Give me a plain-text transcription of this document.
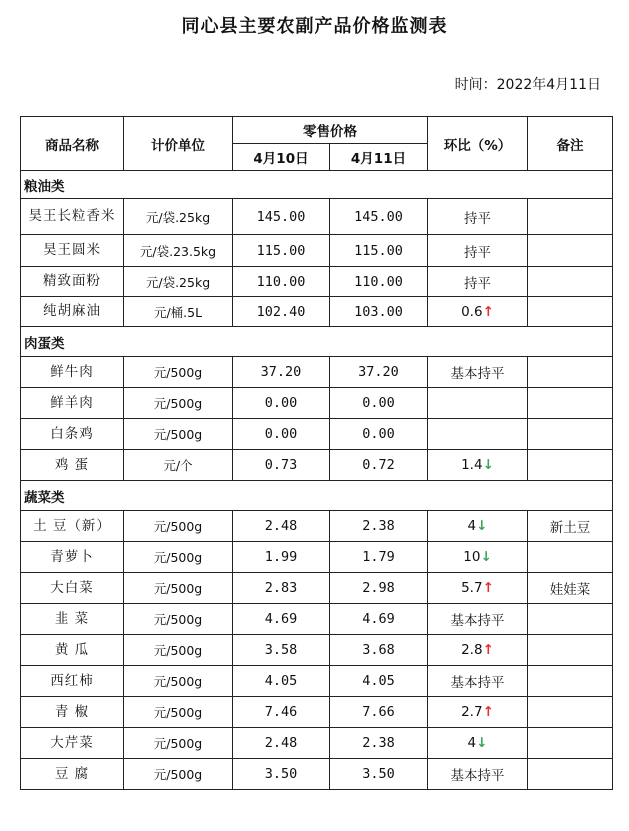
同心县主要农副产品价格监测表
时间：2022年4月11日
商品名称	计价单位	零售价格		环比（%）	备注
		4月10日	4月11日		
粮油类					
昊王长粒香米	元/袋.25kg	145.00	145.00	持平	
昊王圆米	元/袋.23.5kg	115.00	115.00	持平	
精致面粉	元/袋.25kg	110.00	110.00	持平	
纯胡麻油	元/桶.5L	102.40	103.00	0.6↑	
肉蛋类					
鲜牛肉	元/500g	37.20	37.20	基本持平	
鲜羊肉	元/500g	0.00	0.00		
白条鸡	元/500g	0.00	0.00		
鸡 蛋	元/个	0.73	0.72	1.4↓	
蔬菜类					
土 豆（新）	元/500g	2.48	2.38	4↓	新土豆
青萝卜	元/500g	1.99	1.79	10↓	
大白菜	元/500g	2.83	2.98	5.7↑	娃娃菜
韭 菜	元/500g	4.69	4.69	基本持平	
黄 瓜	元/500g	3.58	3.68	2.8↑	
西红柿	元/500g	4.05	4.05	基本持平	
青 椒	元/500g	7.46	7.66	2.7↑	
大芹菜	元/500g	2.48	2.38	4↓	
豆 腐	元/500g	3.50	3.50	基本持平	
